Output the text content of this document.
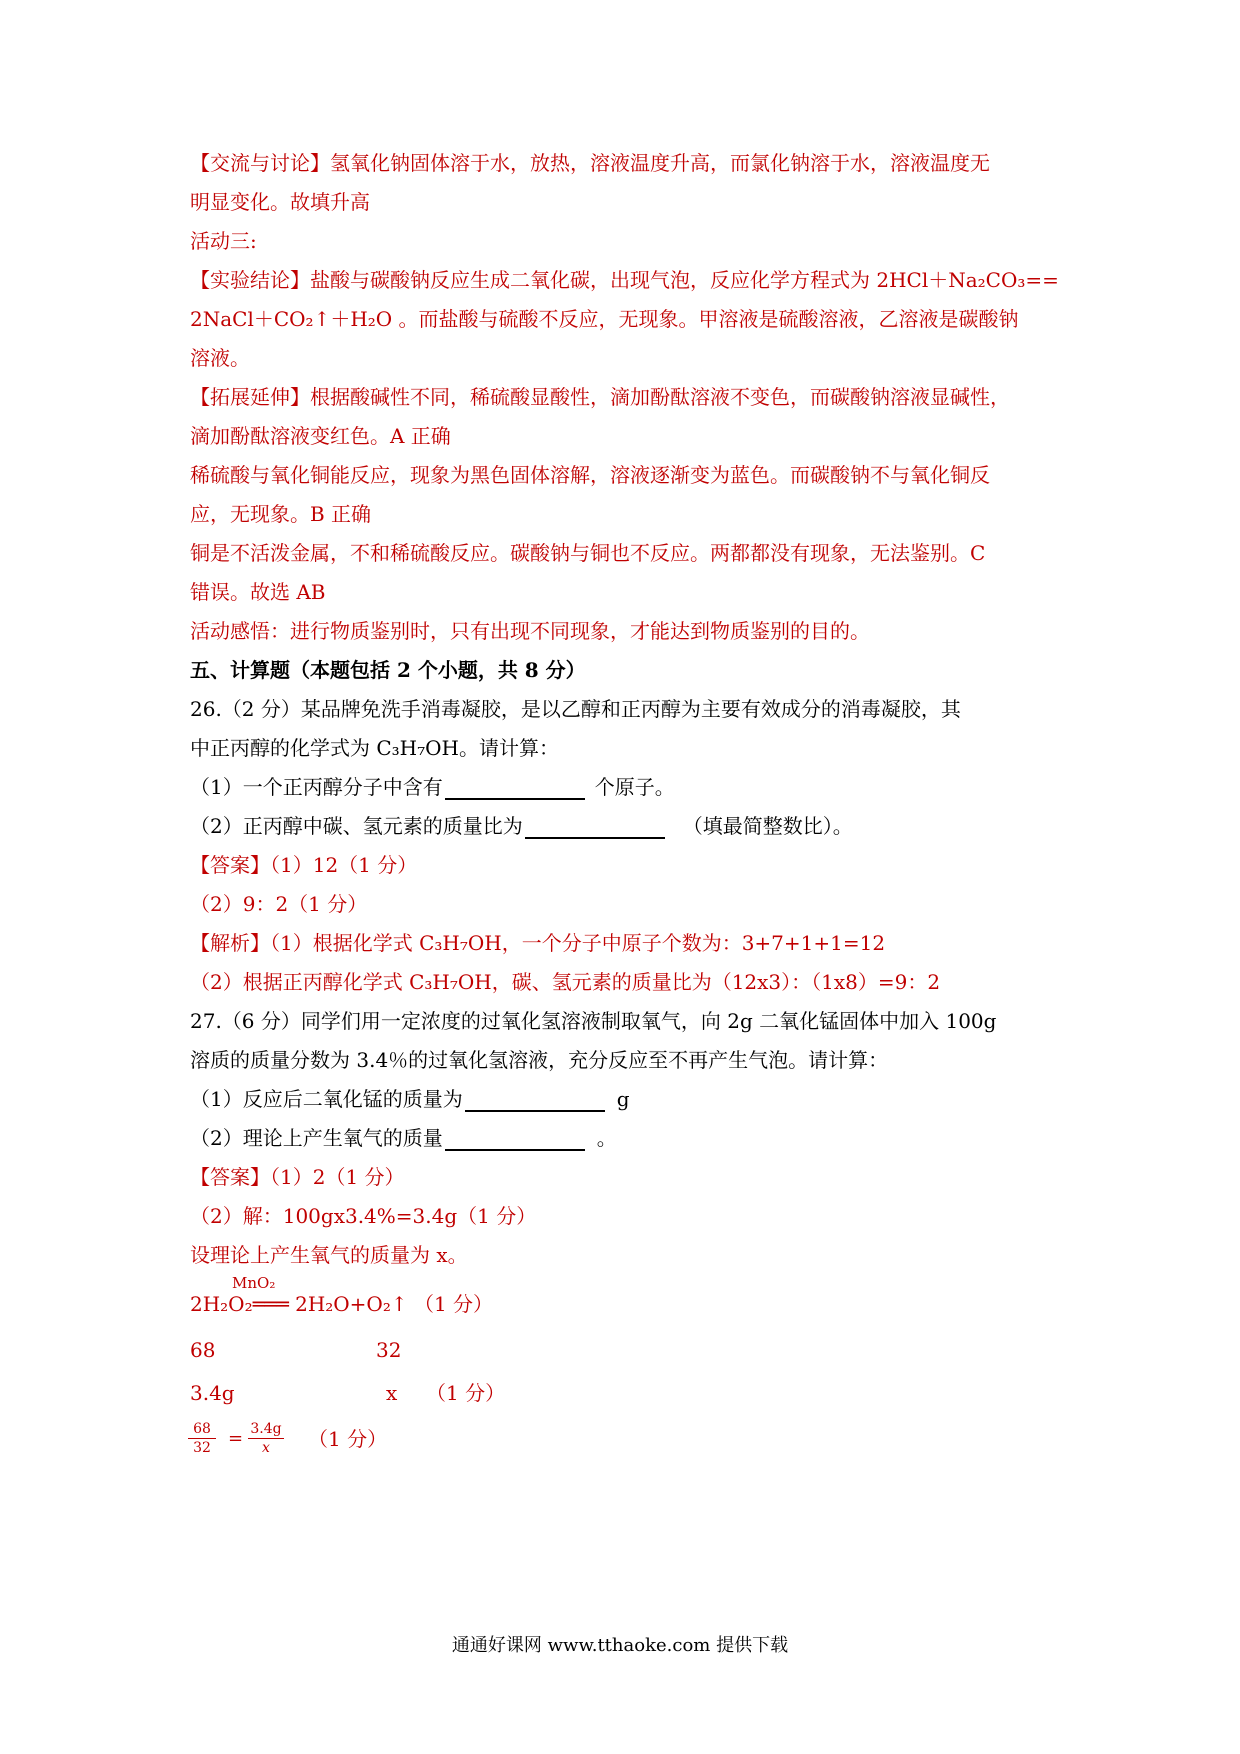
【交流与讨论】氢氧化钠固体溶于水，放热，溶液温度升高，而氯化钠溶于水，溶液温度无
明显变化。故填升高
活动三:
【实验结论】盐酸与碳酸钠反应生成二氧化碳，出现气泡，反应化学方程式为 2HCl＋Na₂CO₃==
2NaCl＋CO₂↑＋H₂O 。而盐酸与硫酸不反应，无现象。甲溶液是硫酸溶液，乙溶液是碳酸钠
溶液。
【拓展延伸】根据酸碱性不同，稀硫酸显酸性，滴加酚酞溶液不变色，而碳酸钠溶液显碱性，
滴加酚酞溶液变红色。A 正确
稀硫酸与氧化铜能反应，现象为黑色固体溶解，溶液逐渐变为蓝色。而碳酸钠不与氧化铜反
应，无现象。B 正确
铜是不活泼金属，不和稀硫酸反应。碳酸钠与铜也不反应。两都都没有现象，无法鉴别。C
错误。故选 AB
活动感悟：进行物质鉴别时，只有出现不同现象，才能达到物质鉴别的目的。
五、计算题（本题包括 2 个小题，共 8 分）
26.（2 分）某品牌免洗手消毒凝胶，是以乙醇和正丙醇为主要有效成分的消毒凝胶，其
中正丙醇的化学式为 C₃H₇OH。请计算：
（1）一个正丙醇分子中含有	个原子。
（2）正丙醇中碳、氢元素的质量比为	（填最简整数比）。
【答案】（1）12（1 分）
（2）9：2（1 分）
【解析】（1）根据化学式 C₃H₇OH，一个分子中原子个数为：3+7+1+1=12
（2）根据正丙醇化学式 C₃H₇OH，碳、氢元素的质量比为（12x3）：（1x8）=9：2
27.（6 分）同学们用一定浓度的过氧化氢溶液制取氧气，向 2g 二氧化锰固体中加入 100g
溶质的质量分数为 3.4％的过氧化氢溶液，充分反应至不再产生气泡。请计算：
（1）反应后二氧化锰的质量为	g
（2）理论上产生氧气的质量	。
【答案】（1）2（1 分）
（2）解：100gx3.4%=3.4g（1 分）
设理论上产生氧气的质量为 x。
MnO₂
2H₂O₂═══ 2H₂O+O₂↑ （1 分）
68	32
3.4g	x （1 分）
$\frac{68}{32} = \frac{3.4g}{x} (1$ 分）
通通好课网 www.tthaoke.com 提供下载
